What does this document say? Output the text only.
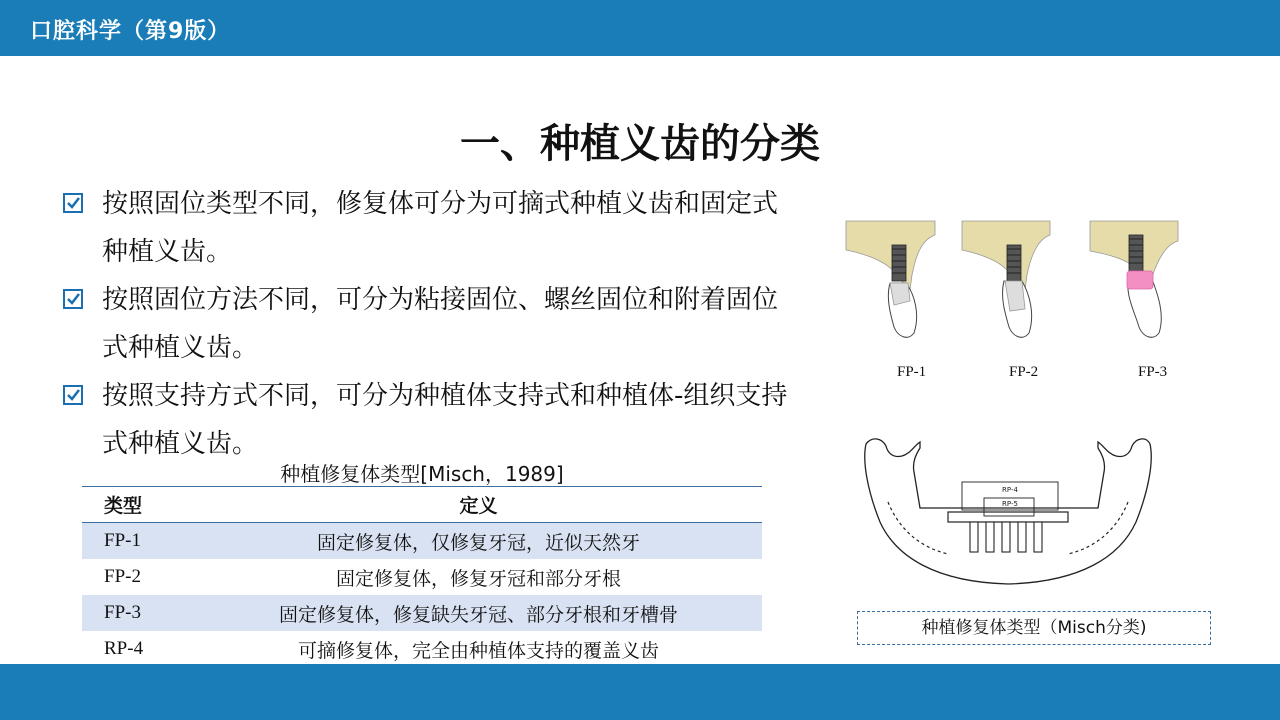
口腔科学（第9版）
一、种植义齿的分类
按照固位类型不同，修复体可分为可摘式种植义齿和固定式种植义齿。
按照固位方法不同，可分为粘接固位、螺丝固位和附着固位式种植义齿。
按照支持方式不同，可分为种植体支持式和种植体-组织支持式种植义齿。
种植修复体类型[Misch，1989]
类型	定义
FP-1	固定修复体，仅修复牙冠，近似天然牙
FP-2	固定修复体，修复牙冠和部分牙根
FP-3	固定修复体，修复缺失牙冠、部分牙根和牙槽骨
RP-4	可摘修复体，完全由种植体支持的覆盖义齿
FP-1	FP-2	FP-3
RP-4
RP-5
种植修复体类型（Misch分类)
